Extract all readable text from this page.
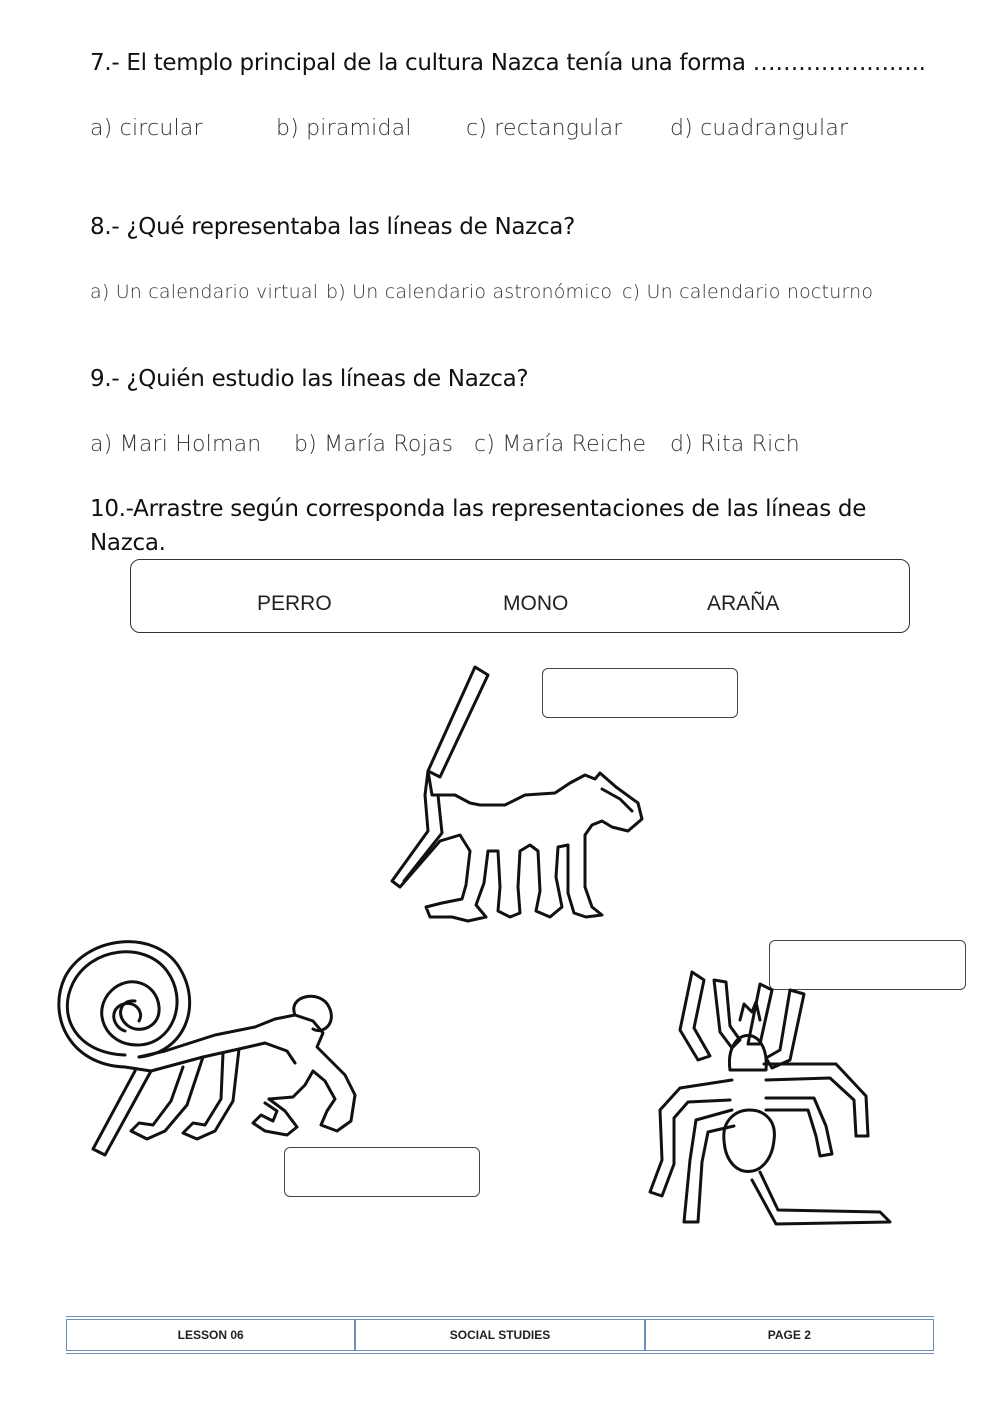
7.- El templo principal de la cultura Nazca tenía una forma …………………..
a) circular	b) piramidal c) rectangular d) cuadrangular
8.- ¿Qué representaba las líneas de Nazca?
a) Un calendario virtual b) Un calendario astronómico c) Un calendario nocturno
9.- ¿Quién estudio las líneas de Nazca?
a) Mari Holman b) María Rojas c) María Reiche d) Rita Rich
10.-Arrastre según corresponda las representaciones de las líneas de Nazca.
PERRO	MONO	ARAÑA
LESSON 06	SOCIAL STUDIES	PAGE 2
